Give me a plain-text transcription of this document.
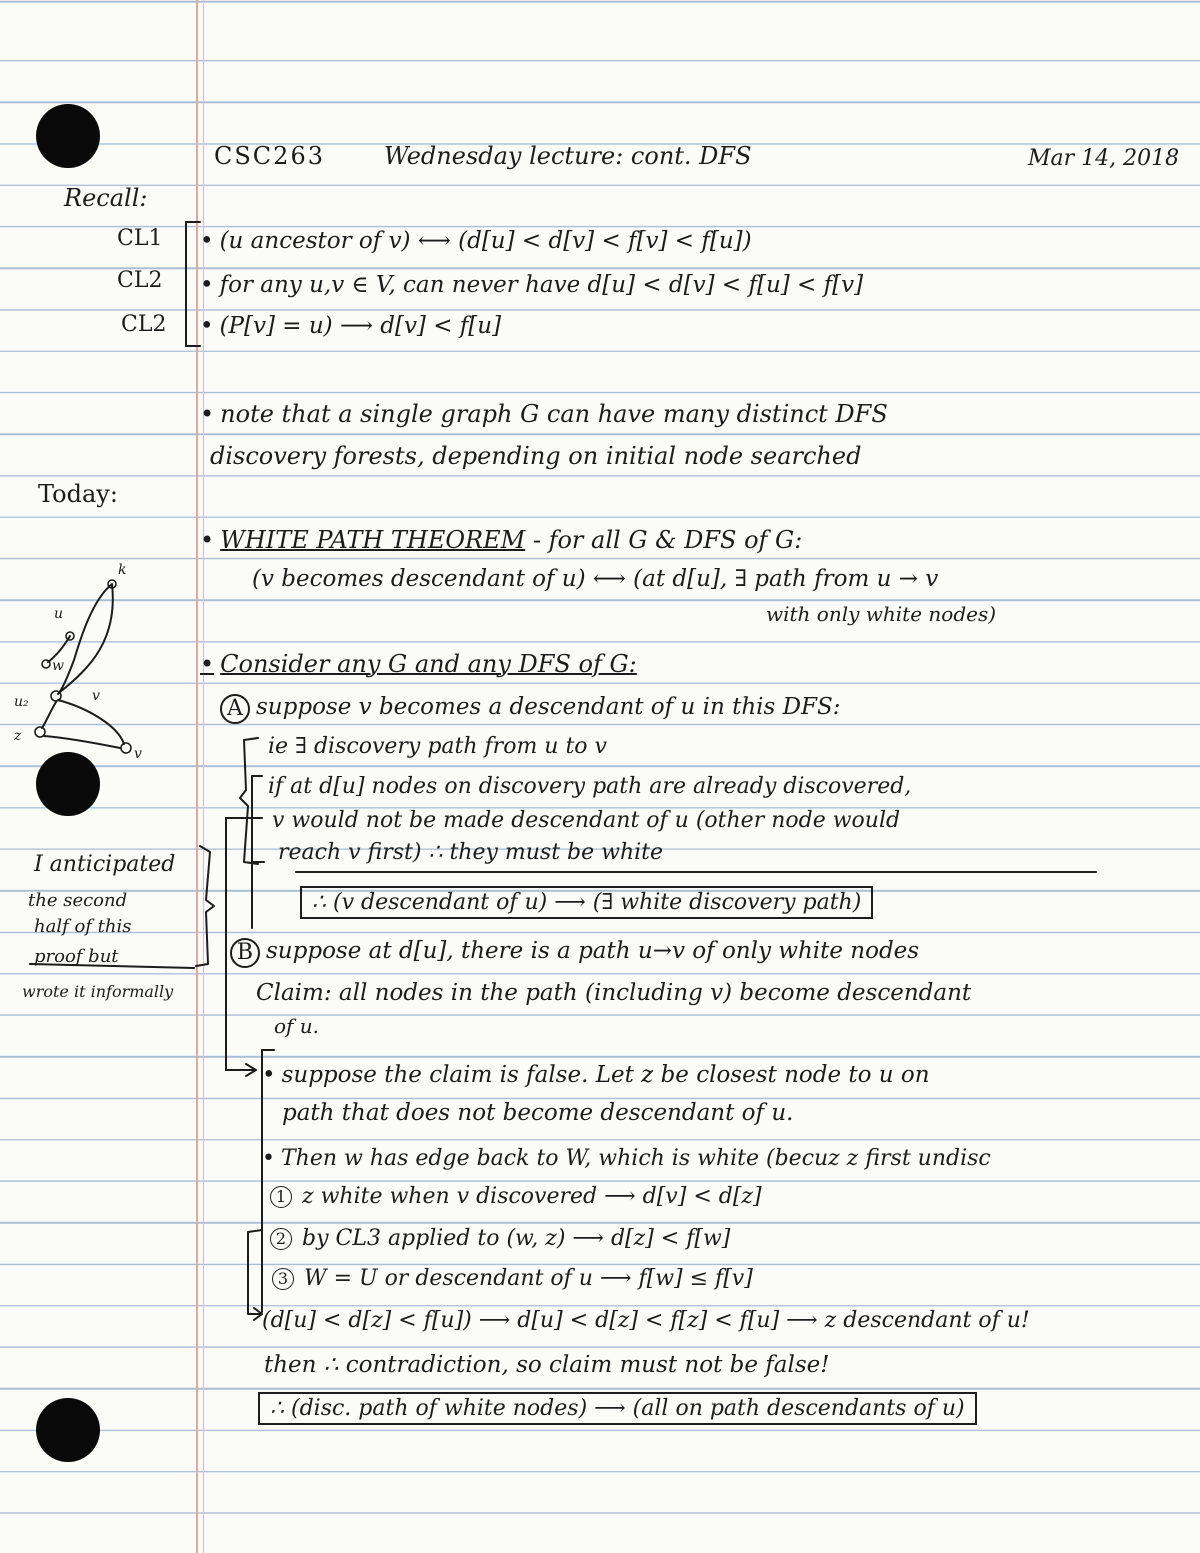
CSC263 Wednesday lecture: cont. DFS	Mar 14, 2018
Recall:
CL1
CL2
CL2
• (u ancestor of v) ⟷ (d[u] < d[v] < f[v] < f[u])
• for any u,v ∈ V, can never have d[u] < d[v] < f[u] < f[v]
• (P[v] = u) ⟶ d[v] < f[u]
• note that a single graph G can have many distinct DFS
discovery forests, depending on initial node searched
Today:
• WHITE PATH THEOREM - for all G & DFS of G:
(v becomes descendant of u) ⟷ (at d[u], ∃ path from u → v
with only white nodes)
• Consider any G and any DFS of G:
A suppose v becomes a descendant of u in this DFS:
ie ∃ discovery path from u to v
if at d[u] nodes on discovery path are already discovered,
v would not be made descendant of u (other node would
reach v first) ∴ they must be white
∴ (v descendant of u) ⟶ (∃ white discovery path)
B suppose at d[u], there is a path u→v of only white nodes
Claim: all nodes in the path (including v) become descendant
of u.
• suppose the claim is false. Let z be closest node to u on
path that does not become descendant of u.
• Then w has edge back to W, which is white (becuz z first undisc
1 z white when v discovered ⟶ d[v] < d[z]
2 by CL3 applied to (w, z) ⟶ d[z] < f[w]
3 W = U or descendant of u ⟶ f[w] ≤ f[v]
(d[u] < d[z] < f[u]) ⟶ d[u] < d[z] < f[z] < f[u] ⟶ z descendant of u!
then ∴ contradiction, so claim must not be false!
∴ (disc. path of white nodes) ⟶ (all on path descendants of u)
I anticipated
the second
half of this
proof but
wrote it informally
k
u
w
u₂
z
v
v
